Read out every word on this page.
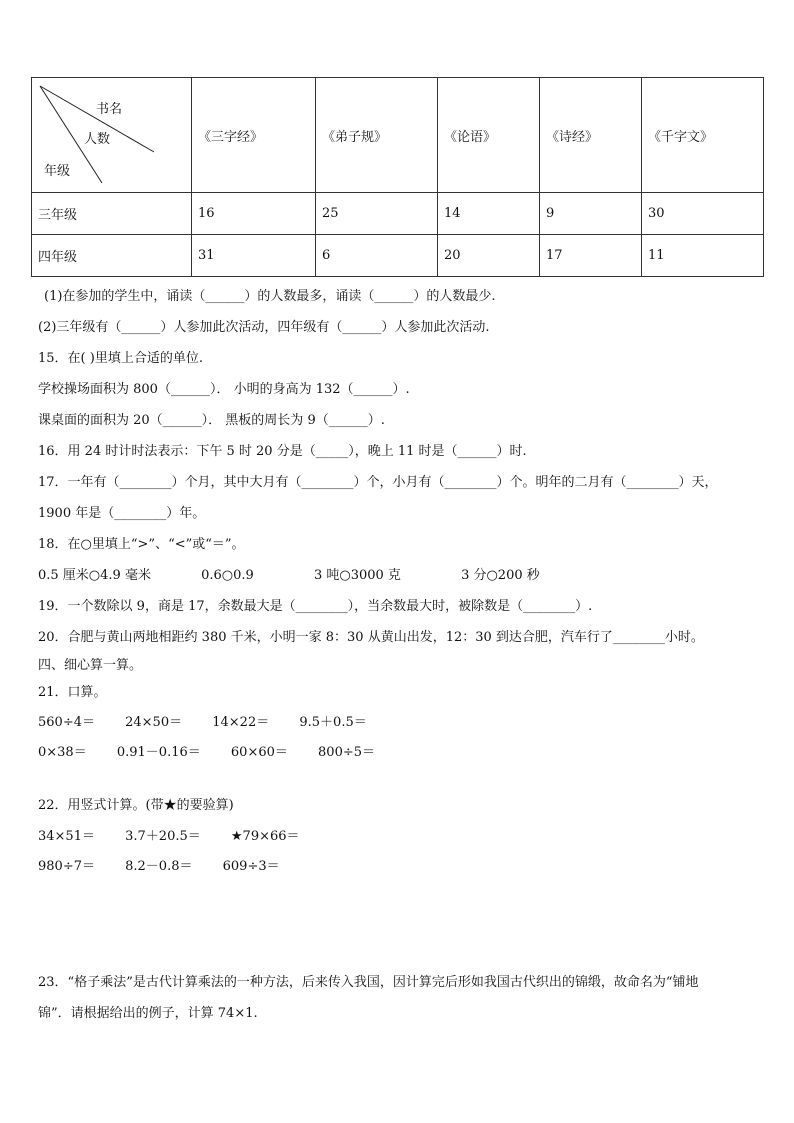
书名
人数
年级	《三字经》	《弟子规》	《论语》	《诗经》	《千字文》
三年级	16	25	14	9	30
四年级	31	6	20	17	11
(1)在参加的学生中，诵读（______）的人数最多，诵读（______）的人数最少.
(2)三年级有（______）人参加此次活动，四年级有（______）人参加此次活动.
15．在( )里填上合适的单位.
学校操场面积为 800（______）． 小明的身高为 132（______）.
课桌面的面积为 20（______）． 黑板的周长为 9（______）.
16．用 24 时计时法表示：下午 5 时 20 分是（_____），晚上 11 时是（______）时.
17．一年有（________）个月，其中大月有（________）个，小月有（________）个。明年的二月有（________）天，
1900 年是（________）年。
18．在○里填上“>”、“<”或“＝”。
0.5 厘米○4.9 毫米	0.6○0.9	3 吨○3000 克	3 分○200 秒
19．一个数除以 9，商是 17，余数最大是（________），当余数最大时，被除数是（________）.
20．合肥与黄山两地相距约 380 千米，小明一家 8：30 从黄山出发，12：30 到达合肥，汽车行了________小时。
四、细心算一算。
21．口算。
560÷4＝ 24×50＝ 14×22＝ 9.5＋0.5＝
0×38＝ 0.91－0.16＝ 60×60＝ 800÷5＝
22．用竖式计算。(带★的要验算)
34×51＝ 3.7＋20.5＝ ★79×66＝
980÷7＝ 8.2－0.8＝ 609÷3＝
23．“格子乘法”是古代计算乘法的一种方法，后来传入我国，因计算完后形如我国古代织出的锦缎，故命名为“铺地
锦”．请根据给出的例子，计算 74×1.
